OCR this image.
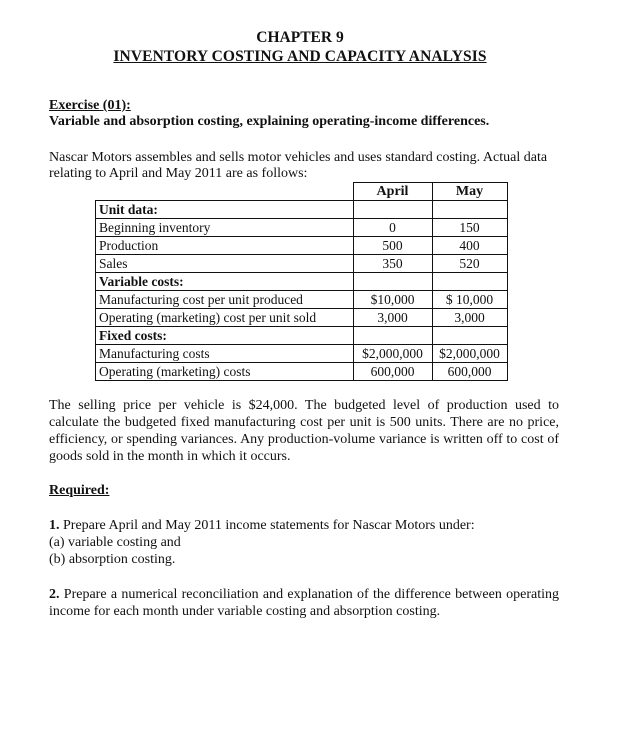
CHAPTER 9
INVENTORY COSTING AND CAPACITY ANALYSIS
Exercise (01):
Variable and absorption costing, explaining operating-income differences.
Nascar Motors assembles and sells motor vehicles and uses standard costing. Actual data relating to April and May 2011 are as follows:
	April	May
Unit data:		
Beginning inventory	0	150
Production	500	400
Sales	350	520
Variable costs:		
Manufacturing cost per unit produced	$10,000	$ 10,000
Operating (marketing) cost per unit sold	3,000	3,000
Fixed costs:		
Manufacturing costs	$2,000,000	$2,000,000
Operating (marketing) costs	600,000	600,000
The selling price per vehicle is $24,000. The budgeted level of production used to calculate the budgeted fixed manufacturing cost per unit is 500 units. There are no price, efficiency, or spending variances. Any production-volume variance is written off to cost of goods sold in the month in which it occurs.
Required:
1. Prepare April and May 2011 income statements for Nascar Motors under:
(a) variable costing and
(b) absorption costing.
2. Prepare a numerical reconciliation and explanation of the difference between operating income for each month under variable costing and absorption costing.
